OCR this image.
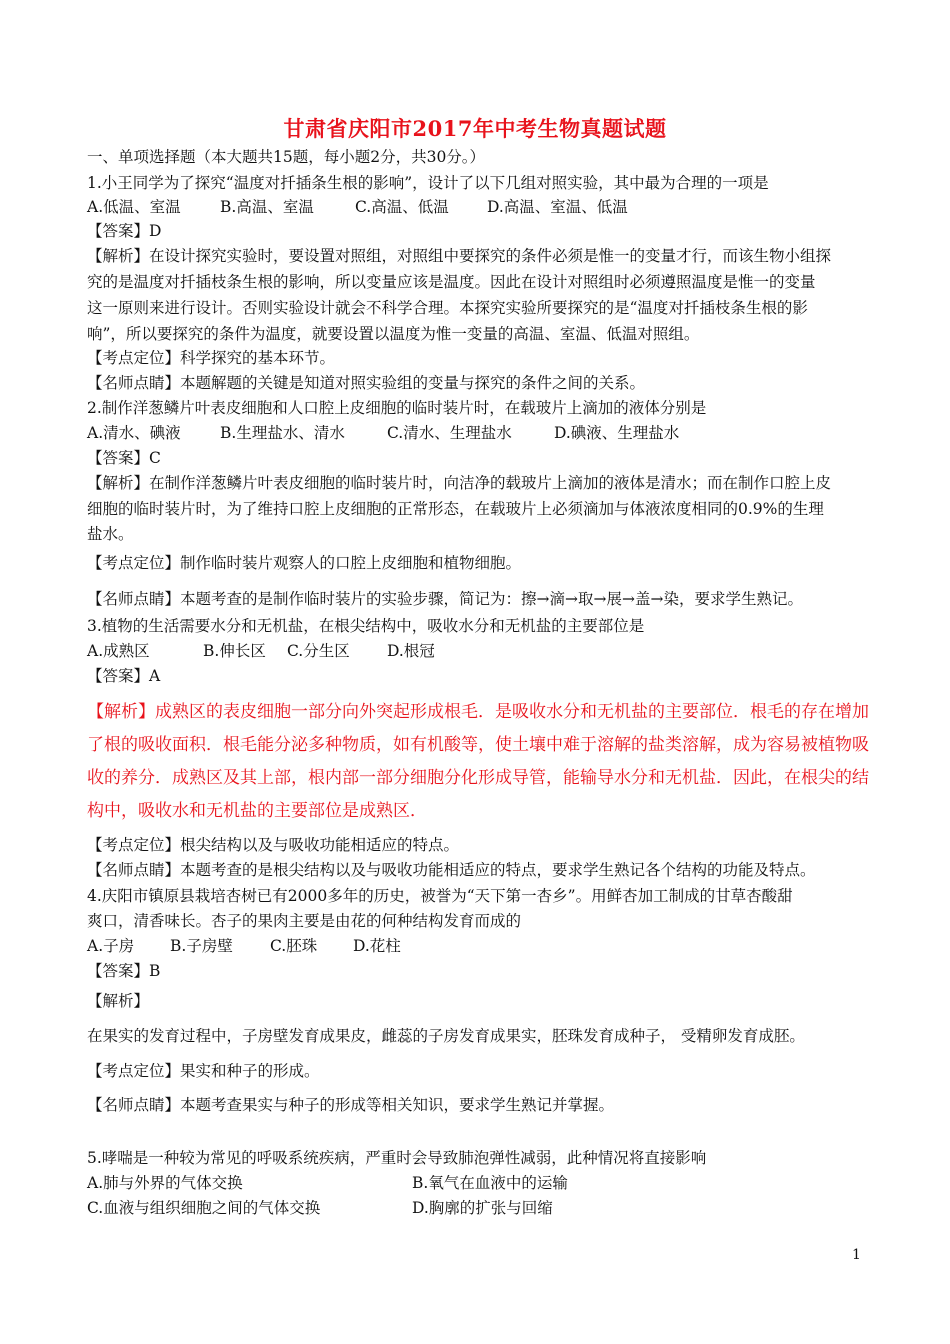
甘肃省庆阳市2017年中考生物真题试题
一、单项选择题（本大题共15题，每小题2分，共30分。）
1.小王同学为了探究“温度对扦插条生根的影响”，设计了以下几组对照实验，其中最为合理的一项是
A.低温、室温	B.高温、室温	C.高温、低温 D.高温、室温、低温
【答案】D
【解析】在设计探究实验时，要设置对照组，对照组中要探究的条件必须是惟一的变量才行，而该生物小组探
究的是温度对扦插枝条生根的影响，所以变量应该是温度。因此在设计对照组时必须遵照温度是惟一的变量
这一原则来进行设计。否则实验设计就会不科学合理。本探究实验所要探究的是“温度对扦插枝条生根的影
响”，所以要探究的条件为温度，就要设置以温度为惟一变量的高温、室温、低温对照组。
【考点定位】科学探究的基本环节。
【名师点睛】本题解题的关键是知道对照实验组的变量与探究的条件之间的关系。
2.制作洋葱鳞片叶表皮细胞和人口腔上皮细胞的临时装片时，在载玻片上滴加的液体分别是
A.清水、碘液	B.生理盐水、清水	C.清水、生理盐水	D.碘液、生理盐水
【答案】C
【解析】在制作洋葱鳞片叶表皮细胞的临时装片时，向洁净的载玻片上滴加的液体是清水；而在制作口腔上皮
细胞的临时装片时，为了维持口腔上皮细胞的正常形态，在载玻片上必须滴加与体液浓度相同的0.9%的生理
盐水。
【考点定位】制作临时装片观察人的口腔上皮细胞和植物细胞。
【名师点睛】本题考查的是制作临时装片的实验步骤，简记为：擦→滴→取→展→盖→染，要求学生熟记。
3.植物的生活需要水分和无机盐，在根尖结构中，吸收水分和无机盐的主要部位是
A.成熟区	B.伸长区 C.分生区 D.根冠
【答案】A
【解析】成熟区的表皮细胞一部分向外突起形成根毛．是吸收水分和无机盐的主要部位．根毛的存在增加
了根的吸收面积．根毛能分泌多种物质，如有机酸等，使土壤中难于溶解的盐类溶解，成为容易被植物吸
收的养分．成熟区及其上部，根内部一部分细胞分化形成导管，能输导水分和无机盐．因此，在根尖的结
构中，吸收水和无机盐的主要部位是成熟区．
【考点定位】根尖结构以及与吸收功能相适应的特点。
【名师点睛】本题考查的是根尖结构以及与吸收功能相适应的特点，要求学生熟记各个结构的功能及特点。
4.庆阳市镇原县栽培杏树已有2000多年的历史，被誉为“天下第一杏乡”。用鲜杏加工制成的甘草杏酸甜
爽口，清香味长。杏子的果肉主要是由花的何种结构发育而成的
A.子房 B.子房壁 C.胚珠 D.花柱
【答案】B
【解析】
在果实的发育过程中，子房壁发育成果皮，雌蕊的子房发育成果实，胚珠发育成种子， 受精卵发育成胚。
【考点定位】果实和种子的形成。
【名师点睛】本题考查果实与种子的形成等相关知识，要求学生熟记并掌握。
5.哮喘是一种较为常见的呼吸系统疾病，严重时会导致肺泡弹性减弱，此种情况将直接影响
A.肺与外界的气体交换	B.氧气在血液中的运输
C.血液与组织细胞之间的气体交换	D.胸廓的扩张与回缩
1
